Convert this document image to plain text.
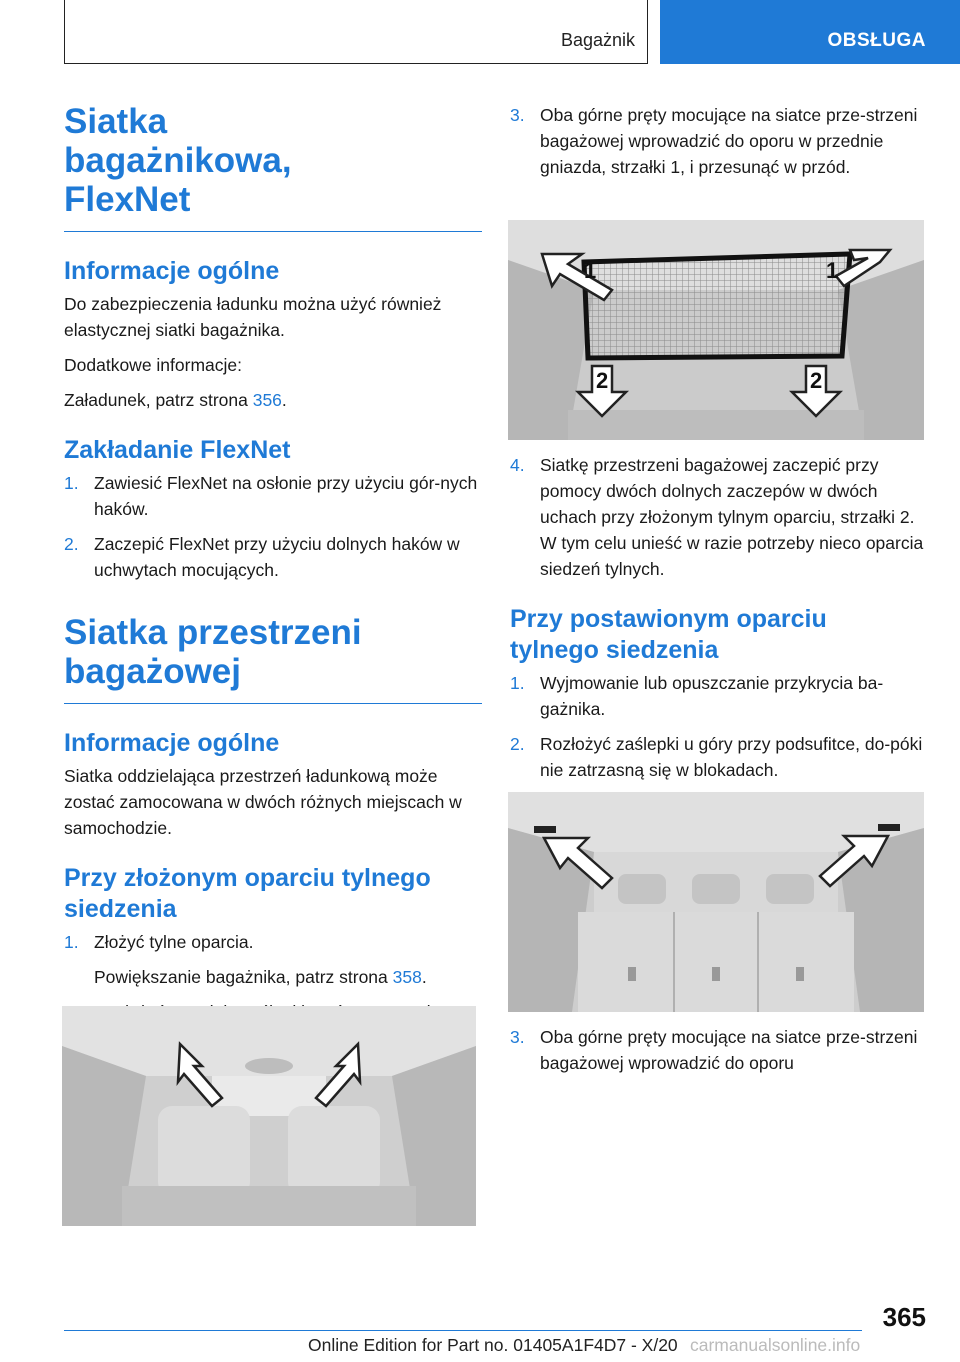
Bagażnik	OBSŁUGA
Siatka bagażnikowa, FlexNet
Informacje ogólne

Do zabezpieczenia ładunku można użyć również elastycznej siatki bagażnika.

Dodatkowe informacje:

Załadunek, patrz strona 356.

Zakładanie FlexNet
1. Zawiesić FlexNet na osłonie przy użyciu gór-nych haków.
2. Zaczepić FlexNet przy użyciu dolnych haków w uchwytach mocujących.
Siatka przestrzeni bagażowej
Informacje ogólne

Siatka oddzielająca przestrzeń ładunkową może zostać zamocowana w dwóch różnych miejscach w samochodzie.

Przy złożonym oparciu tylnego siedzenia
1. Złożyć tylne oparcia.
Powiększanie bagażnika, patrz strona 358.
3. Oba górne pręty mocujące na siatce prze-strzeni bagażowej wprowadzić do oporu w przednie gniazda, strzałki 1, i przesunąć w przód.
1	1
2	2
4. Siatkę przestrzeni bagażowej zaczepić przy pomocy dwóch dolnych zaczepów w dwóch uchach przy złożonym tylnym oparciu, strzałki 2. W tym celu unieść w razie potrzeby nieco oparcia siedzeń tylnych.
Przy postawionym oparciu tylnego siedzenia
1. Wyjmowanie lub opuszczanie przykrycia ba-gażnika.
2. Rozłożyć zaślepki u góry przy podsufitce, do-póki nie zatrzasną się w blokadach.
3. Oba górne pręty mocujące na siatce prze-strzeni bagażowej wprowadzić do oporu
365
Online Edition for Part no. 01405A1F4D7 - X/20 carmanualsonline.info
